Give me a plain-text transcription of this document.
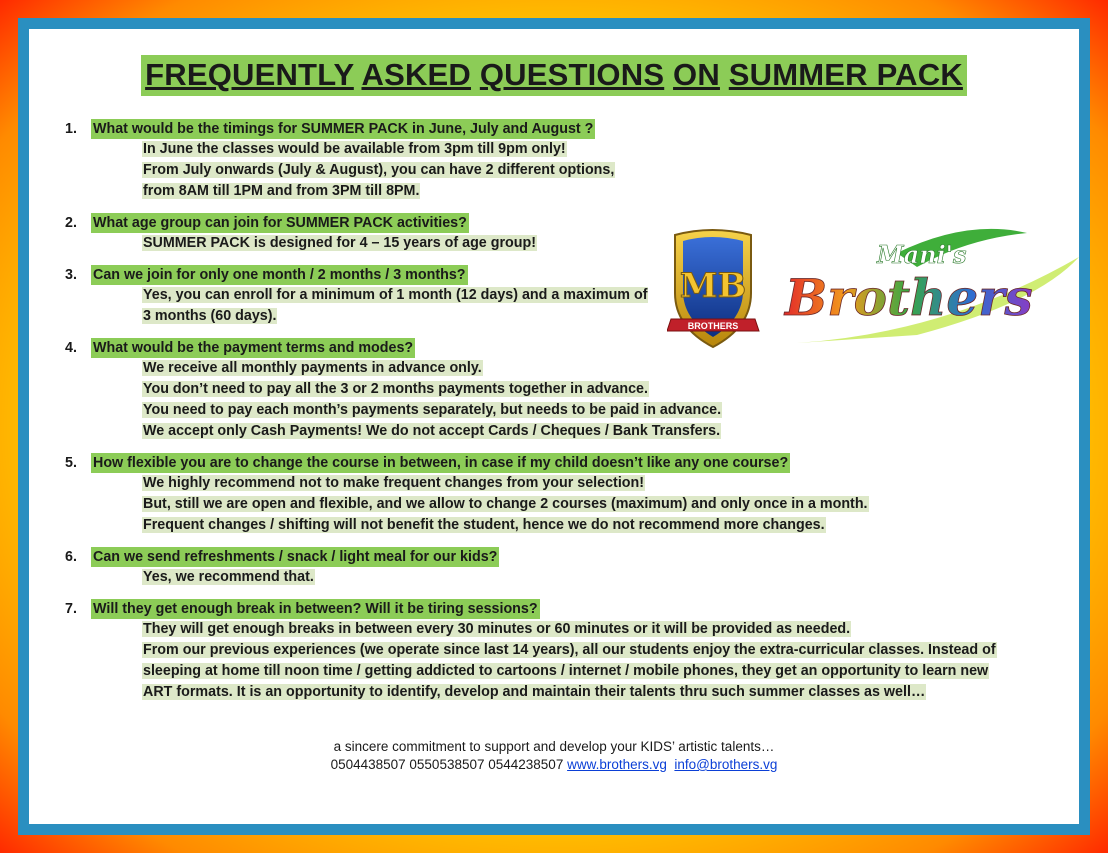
FREQUENTLY ASKED QUESTIONS ON SUMMER PACK
1.	What would be the timings for SUMMER PACK in June, July and August ?
In June the classes would be available from 3pm till 9pm only!
From July onwards (July & August), you can have 2 different options,
from 8AM till 1PM and from 3PM till 8PM.
2.	What age group can join for SUMMER PACK activities?
SUMMER PACK is designed for 4 – 15 years of age group!
3.	Can we join for only one month / 2 months / 3 months?
Yes, you can enroll for a minimum of 1 month (12 days) and a maximum of
3 months (60 days).
4.	What would be the payment terms and modes?
We receive all monthly payments in advance only.
You don’t need to pay all the 3 or 2 months payments together in advance.
You need to pay each month’s payments separately, but needs to be paid in advance.
We accept only Cash Payments! We do not accept Cards / Cheques / Bank Transfers.
5.	How flexible you are to change the course in between, in case if my child doesn’t like any one course?
We highly recommend not to make frequent changes from your selection!
But, still we are open and flexible, and we allow to change 2 courses (maximum) and only once in a month.
Frequent changes / shifting will not benefit the student, hence we do not recommend more changes.
6.	Can we send refreshments / snack / light meal for our kids?
Yes, we recommend that.
7.	Will they get enough break in between? Will it be tiring sessions?
They will get enough breaks in between every 30 minutes or 60 minutes or it will be provided as needed.
From our previous experiences (we operate since last 14 years), all our students enjoy the extra-curricular classes. Instead of
sleeping at home till noon time / getting addicted to cartoons / internet / mobile phones, they get an opportunity to learn new
ART formats. It is an opportunity to identify, develop and maintain their talents thru such summer classes as well…
MB
BROTHERS
Mani's
Brothers
a sincere commitment to support and develop your KIDS’ artistic talents…
0504438507 0550538507 0544238507 www.brothers.vg info@brothers.vg
